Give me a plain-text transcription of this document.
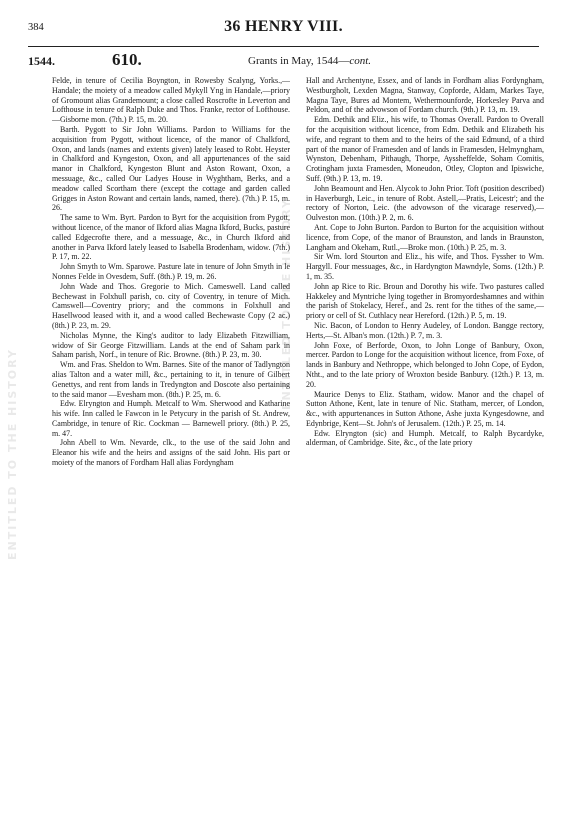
384	36 HENRY VIII.
1544.	610.	Grants in May, 1544—cont.
ENTITLED TO THE HISTORY
ENTITLED TO THE HISTORY

Felde, in tenure of Cecilia Boyngton, in Rowesby Scalyng, Yorks.,—Handale; the moiety of a meadow called Mykyll Yng in Handale,—priory of Gromount alias Grandemount; a close called Roscrofte in Leverton and Lofthouse in tenure of Ralph Duke and Thos. Franke, rector of Lofthouse.—Gisborne mon. (7th.) P. 15, m. 20.

Barth. Pygott to Sir John Williams. Pardon to Williams for the acquisition from Pygott, without licence, of the manor of Chalkford, Oxon, and lands (names and extents given) lately leased to Robt. Heyster in Chalkford and Kyngeston, Oxon, and all appurtenances of the said manor in Chalkford, Kyngeston Blunt and Aston Rowant, Oxon, a messuage, &c., called Our Ladyes House in Wyghtham, Berks, and a meadow called Scortham there (except the cottage and garden called Grigges in Aston Rowant and certain lands, named, there). (7th.) P. 15, m. 26.

The same to Wm. Byrt. Pardon to Byrt for the acquisition from Pygott, without licence, of the manor of Ikford alias Magna Ikford, Bucks, pasture called Edgecrofte there, and a messuage, &c., in Church Ikford and another in Parva Ikford lately leased to Isabella Brodenham, widow. (7th.) P. 17, m. 22.

John Smyth to Wm. Sparowe. Pasture late in tenure of John Smyth in le Nonnes Felde in Ovesdem, Suff. (8th.) P. 19, m. 26.

John Wade and Thos. Gregorie to Mich. Cameswell. Land called Bechewast in Folxhull parish, co. city of Coventry, in tenure of Mich. Camswell—Coventry priory; and the commons in Folxhull and Hasellwood leased with it, and a wood called Bechewaste Copy (2 ac.) (8th.) P. 23, m. 29.

Nicholas Mynne, the King's auditor to lady Elizabeth Fitzwilliam, widow of Sir George Fitzwilliam. Lands at the end of Saham park in Saham parish, Norf., in tenure of Ric. Browne. (8th.) P. 23, m. 30.

Wm. and Fras. Sheldon to Wm. Barnes. Site of the manor of Tadlyngton alias Talton and a water mill, &c., pertaining to it, in tenure of Gilbert Genettys, and rent from lands in Tredyngton and Doscote also pertaining to the said manor —Evesham mon. (8th.) P. 25, m. 6.

Edw. Elryngton and Humph. Metcalf to Wm. Sherwood and Katharine his wife. Inn called le Fawcon in le Petycury in the parish of St. Andrew, Cambridge, in tenure of Ric. Cockman — Barnewell priory. (8th.) P. 25, m. 47.

John Abell to Wm. Nevarde, clk., to the use of the said John and Eleanor his wife and the heirs and assigns of the said John. His part or moiety of the manors of Fordham Hall alias Fordyngham

Hall and Archentyne, Essex, and of lands in Fordham alias Fordyngham, Westburgholt, Lexden Magna, Stanway, Copforde, Aldam, Markes Taye, Magna Taye, Bures ad Montem, Wethermounforde, Horkesley Parva and Peldon, and of the advowson of Fordam church. (9th.) P. 13, m. 19.

Edm. Dethik and Eliz., his wife, to Thomas Overall. Pardon to Overall for the acquisition without licence, from Edm. Dethik and Elizabeth his wife, and regrant to them and to the heirs of the said Edmund, of a third part of the manor of Framesden and of lands in Framesden, Helmyngham, Wynston, Debenham, Pithaugh, Thorpe, Ayssheffelde, Soham Comitis, Crotingham juxta Framesden, Moneudon, Otley, Clopton and Ipiswiche, Suff. (9th.) P. 13, m. 19.

John Beamount and Hen. Alycok to John Prior. Toft (position described) in Haverburgh, Leic., in tenure of Robt. Astell,—Pratis, Leicestr'; and the rectory of Norton, Leic. (the advowson of the vicarage reserved),—Oulveston mon. (10th.) P. 2, m. 6.

Ant. Cope to John Burton. Pardon to Burton for the acquisition without licence, from Cope, of the manor of Braunston, and lands in Braunston, Langham and Okeham, Rutl.,—Broke mon. (10th.) P. 25, m. 3.

Sir Wm. lord Stourton and Eliz., his wife, and Thos. Fyssher to Wm. Hargyll. Four messuages, &c., in Hardyngton Mawndyle, Soms. (12th.) P. 1, m. 35.

John ap Rice to Ric. Broun and Dorothy his wife. Two pastures called Hakkeley and Myntriche lying together in Bromyordeshamnes and within the parish of Stokelacy, Heref., and 2s. rent for the tithes of the same,—priory or cell of St. Cuthlacy near Hereford. (12th.) P. 5, m. 19.

Nic. Bacon, of London to Henry Audeley, of London. Bangge rectory, Herts,—St. Alban's mon. (12th.) P. 7, m. 3.

John Foxe, of Berforde, Oxon, to John Longe of Banbury, Oxon, mercer. Pardon to Longe for the acquisition without licence, from Foxe, of lands in Banbury and Nethroppe, which belonged to John Cope, of Eydon, Ntht., and to the late priory of Wroxton beside Banbury. (12th.) P. 13, m. 20.

Maurice Denys to Eliz. Statham, widow. Manor and the chapel of Sutton Athone, Kent, late in tenure of Nic. Statham, mercer, of London, &c., with appurtenances in Sutton Athone, Ashe juxta Kyngesdowne, and Edynbrige, Kent—St. John's of Jerusalem. (12th.) P. 25, m. 14.

Edw. Elryngton (sic) and Humph. Metcalf, to Ralph Bycardyke, alderman, of Cambridge. Site, &c., of the late priory
